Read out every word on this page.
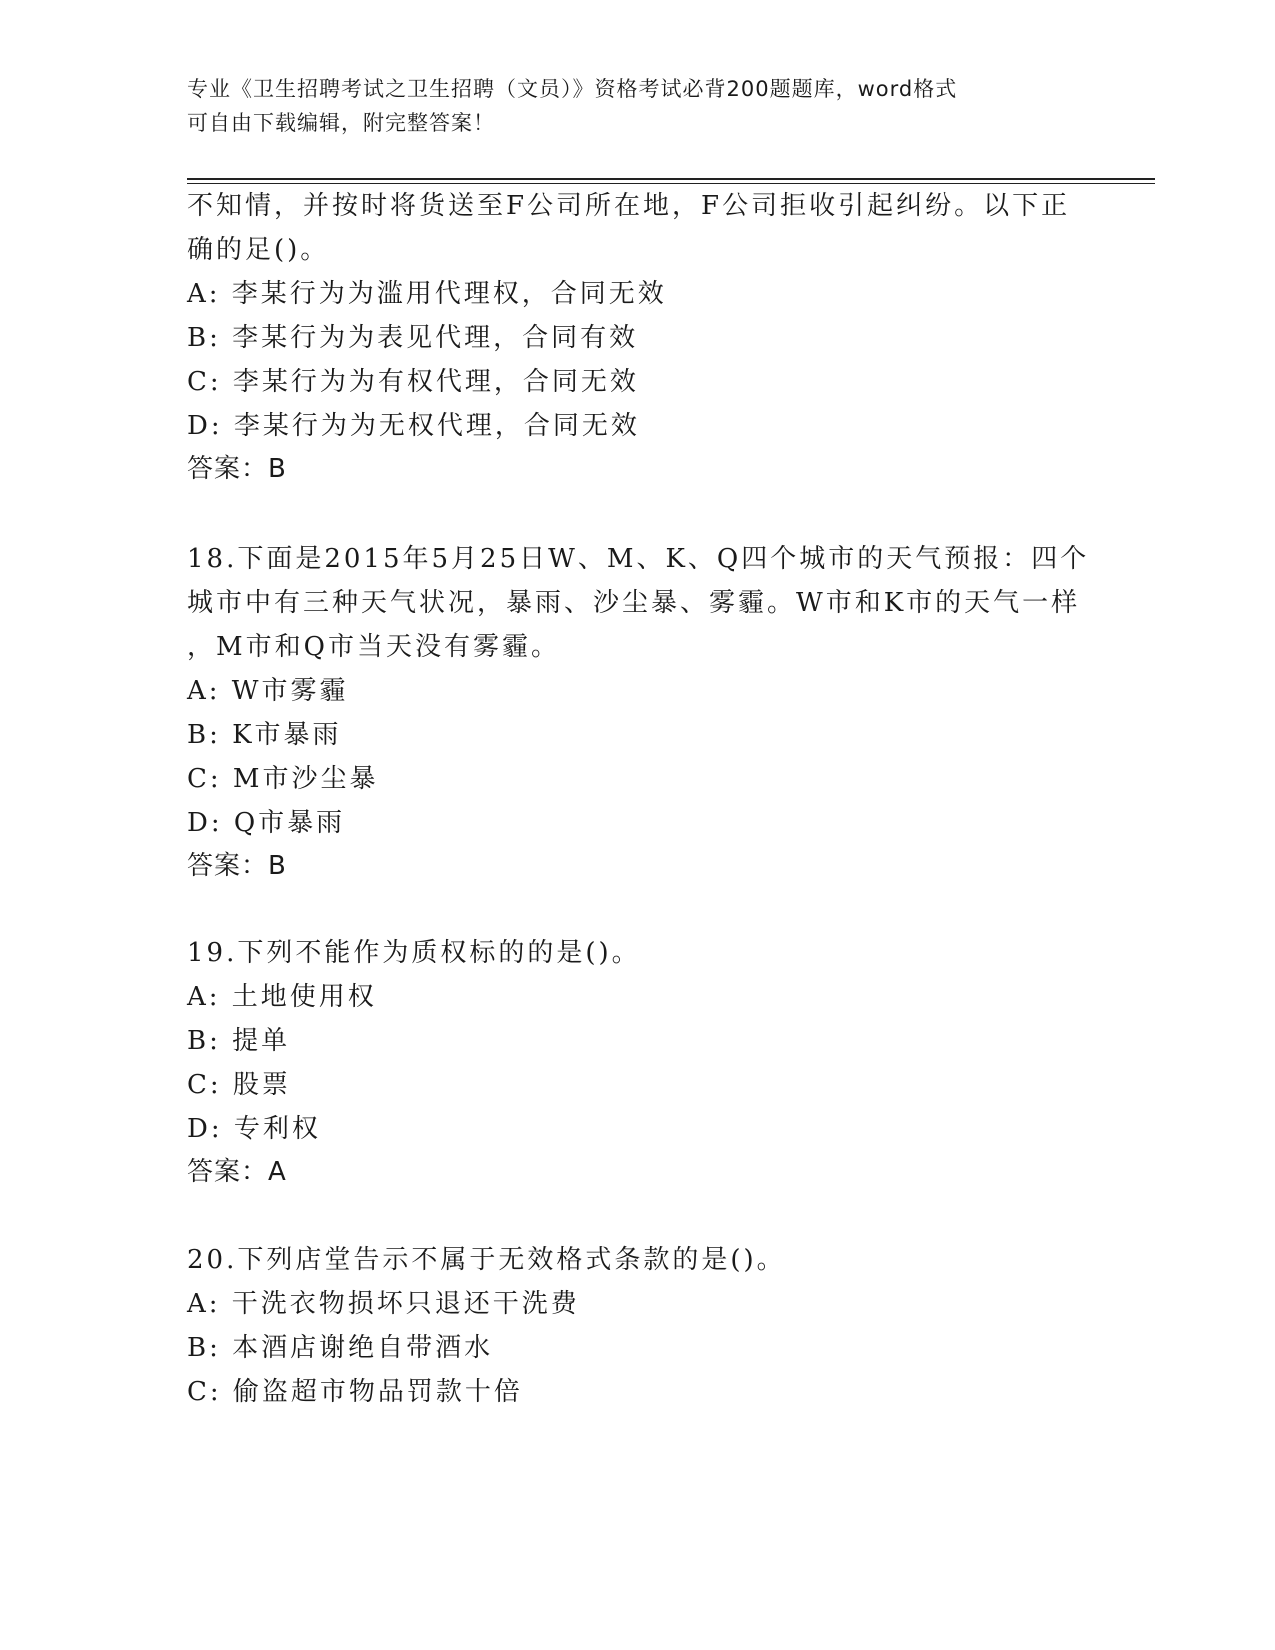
专业《卫生招聘考试之卫生招聘（文员）》资格考试必背200题题库，word格式
可自由下载编辑，附完整答案！
不知情，并按时将货送至F公司所在地，F公司拒收引起纠纷。以下正
确的足()。
A: 李某行为为滥用代理权，合同无效
B: 李某行为为表见代理，合同有效
C: 李某行为为有权代理，合同无效
D: 李某行为为无权代理，合同无效
答案：B
18.下面是2015年5月25日W、M、K、Q四个城市的天气预报：四个
城市中有三种天气状况，暴雨、沙尘暴、雾霾。W市和K市的天气一样
，M市和Q市当天没有雾霾。
A: W市雾霾
B: K市暴雨
C: M市沙尘暴
D: Q市暴雨
答案：B
19.下列不能作为质权标的的是()。
A: 土地使用权
B: 提单
C: 股票
D: 专利权
答案：A
20.下列店堂告示不属于无效格式条款的是()。
A: 干洗衣物损坏只退还干洗费
B: 本酒店谢绝自带酒水
C: 偷盗超市物品罚款十倍
